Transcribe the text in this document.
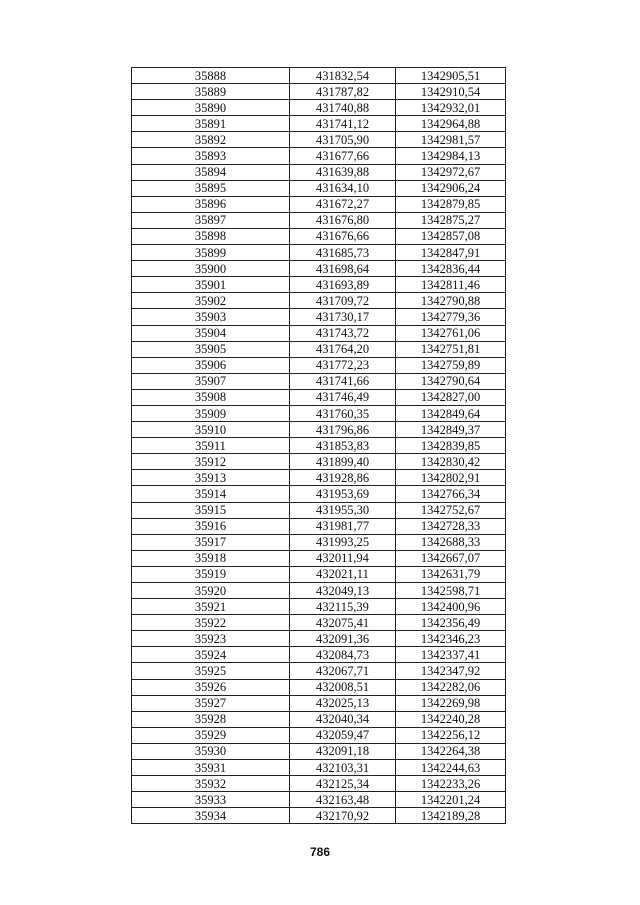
35888	431832,54	1342905,51
35889	431787,82	1342910,54
35890	431740,88	1342932,01
35891	431741,12	1342964,88
35892	431705,90	1342981,57
35893	431677,66	1342984,13
35894	431639,88	1342972,67
35895	431634,10	1342906,24
35896	431672,27	1342879,85
35897	431676,80	1342875,27
35898	431676,66	1342857,08
35899	431685,73	1342847,91
35900	431698,64	1342836,44
35901	431693,89	1342811,46
35902	431709,72	1342790,88
35903	431730,17	1342779,36
35904	431743,72	1342761,06
35905	431764,20	1342751,81
35906	431772,23	1342759,89
35907	431741,66	1342790,64
35908	431746,49	1342827,00
35909	431760,35	1342849,64
35910	431796,86	1342849,37
35911	431853,83	1342839,85
35912	431899,40	1342830,42
35913	431928,86	1342802,91
35914	431953,69	1342766,34
35915	431955,30	1342752,67
35916	431981,77	1342728,33
35917	431993,25	1342688,33
35918	432011,94	1342667,07
35919	432021,11	1342631,79
35920	432049,13	1342598,71
35921	432115,39	1342400,96
35922	432075,41	1342356,49
35923	432091,36	1342346,23
35924	432084,73	1342337,41
35925	432067,71	1342347,92
35926	432008,51	1342282,06
35927	432025,13	1342269,98
35928	432040,34	1342240,28
35929	432059,47	1342256,12
35930	432091,18	1342264,38
35931	432103,31	1342244,63
35932	432125,34	1342233,26
35933	432163,48	1342201,24
35934	432170,92	1342189,28
786
